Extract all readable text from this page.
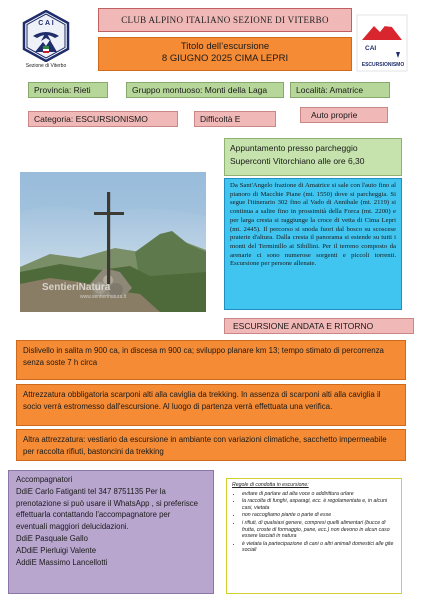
C A I
Sezione di Viterbo
CAI
ESCURSIONISMO
CLUB ALPINO ITALIANO SEZIONE DI VITERBO
Titolo dell’escursione
8 GIUGNO 2025 CIMA LEPRI
Provincia: Rieti	Gruppo montuoso: Monti della Laga	Località: Amatrice
Categoria: ESCURSIONISMO	Difficoltà E	Auto proprie
SentieriNatura
www.sentierinatura.it
Appuntamento presso parcheggio
Superconti Vitorchiano alle ore 6,30
Da Sant'Angelo frazione di Amatrice si sale con l'auto fino al pianoro di Macchie Piane (mt. 1550) dove si parcheggia. Si segue l'itinerario 302 fino al Vado di Annibale (mt. 2119) si continua a salire fino in prossimità della Forca (mt. 2200) e per larga cresta si raggiunge la croce di vetta di Cima Lepri (mt. 2445). Il percorso si snoda fuori dal bosco su scoscese praterie d'altura. Dalla cresta il panorama si estende su tutti i monti del Terminillo ai Sibillini. Per il terreno composto da arenarie ci sono numerose sorgenti e piccoli torrenti. Escursione per persone allenate.
ESCURSIONE ANDATA E RITORNO
Dislivello in salita m 900 ca, in discesa m 900 ca; sviluppo planare km 13; tempo stimato di percorrenza senza soste 7 h circa
Attrezzatura obbligatoria scarponi alti alla caviglia da trekking. In assenza di scarponi alti alla caviglia il socio verrà estromesso dall'escursione. Al luogo di partenza verrà effettuata una verifica.
Altra attrezzatura: vestiario da escursione in ambiante con variazioni climatiche, sacchetto impermeabile per raccolta rifiuti, bastoncini da trekking
Accompagnatori
DdiE Carlo Fatiganti tel 347 8751135 Per la
prenotazione si può usare il WhatsApp , si preferisce
effettuarla contattando l'accompagnatore per
eventuali maggiori delucidazioni.
DdiE Pasquale Gallo
ADdiE Pierluigi Valente
AddiE Massimo Lancellotti
Regole di condotta in escursione:
• evitare di parlare ad alta voce o addirittura urlare
• la raccolta di funghi, asparagi, ecc. è regolamentata e, in alcuni casi, vietata
• non raccogliamo piante o parte di esse
• i rifiuti, di qualsiasi genere, compresi quelli alimentari (bucce di frutta, croste di formaggio, pane, ecc.) non devono in alcun caso essere lasciati in natura
• è vietata la partecipazione di cani o altri animali domestici alle gite sociali
